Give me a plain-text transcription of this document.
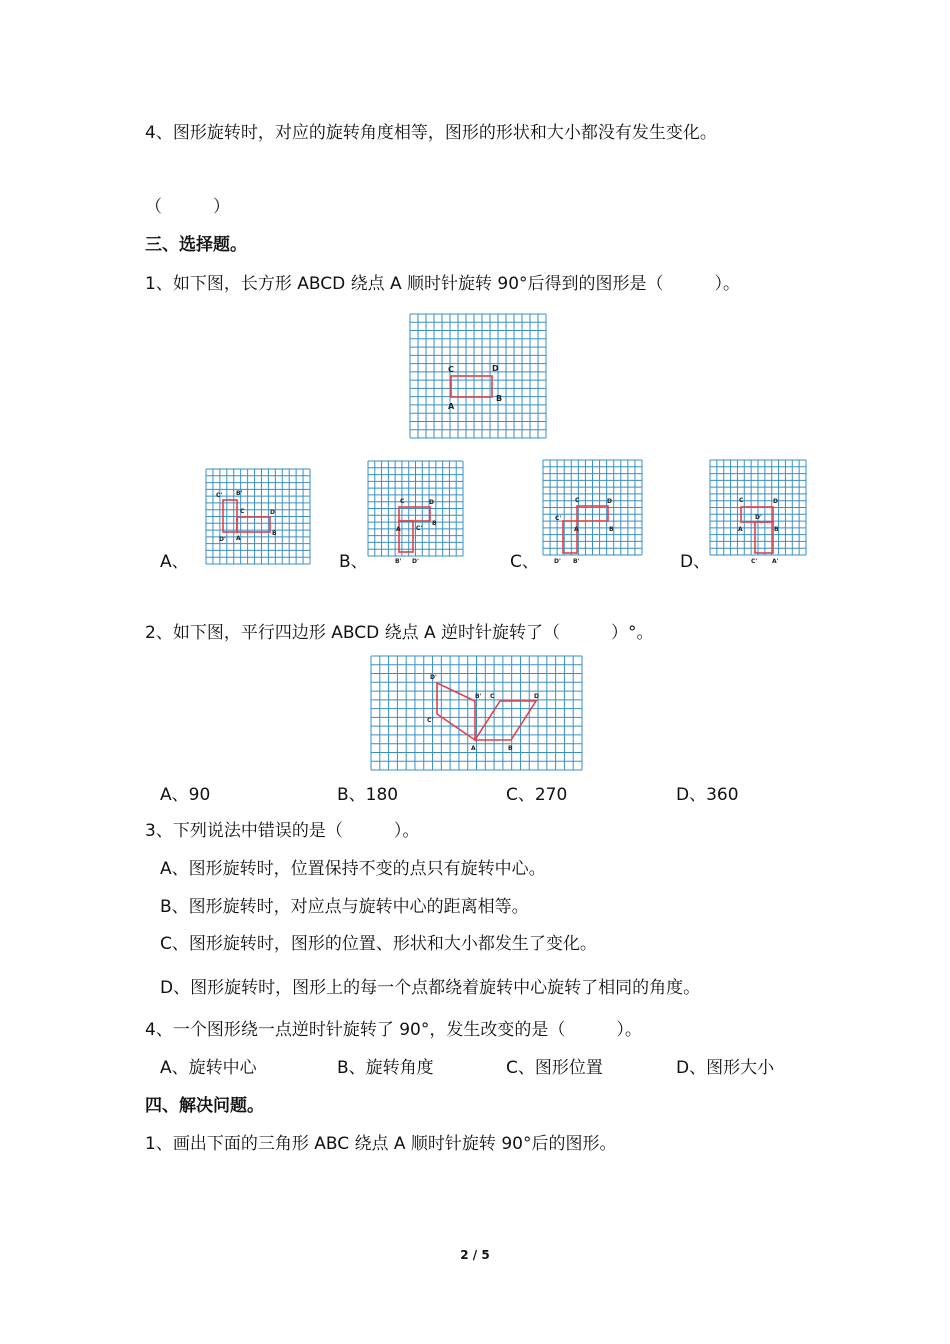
4、图形旋转时，对应的旋转角度相等，图形的形状和大小都没有发生变化。
（　　　）
三、选择题。
1、如下图，长方形 ABCD 绕点 A 顺时针旋转 90°后得到的图形是（　　　）。
C	D
A
B
A、
C' B'
C	D
D' A
B
B、
C	D
A	C'
B
B' D'	C、
C	D
C'
A	B
D' B'	D、
C	D
D'
A	B
C' A'
2、如下图，平行四边形 ABCD 绕点 A 逆时针旋转了（　　　）°。
D'
B' C	D
C'
A	B
A、90	B、180	C、270	D、360
3、下列说法中错误的是（　　　）。
A、图形旋转时，位置保持不变的点只有旋转中心。
B、图形旋转时，对应点与旋转中心的距离相等。
C、图形旋转时，图形的位置、形状和大小都发生了变化。
D、图形旋转时，图形上的每一个点都绕着旋转中心旋转了相同的角度。
4、一个图形绕一点逆时针旋转了 90°，发生改变的是（　　　）。
A、旋转中心	B、旋转角度	C、图形位置	D、图形大小
四、解决问题。
1、画出下面的三角形 ABC 绕点 A 顺时针旋转 90°后的图形。
2 / 5
